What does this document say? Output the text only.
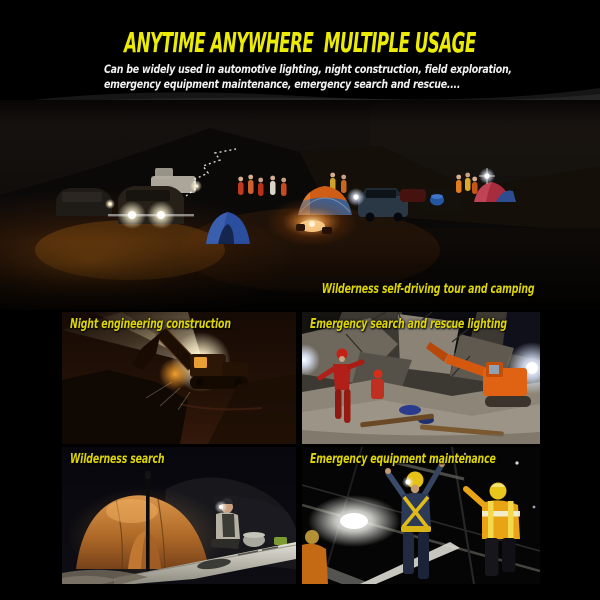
ANYTIME ANYWHERE  MULTIPLE USAGE

Can be widely used in automotive lighting, night construction, field exploration,

emergency equipment maintenance, emergency search and rescue....

Wilderness self-driving tour and camping
Night engineering construction	Emergency search and rescue lighting
Wilderness search	Emergency equipment maintenance
